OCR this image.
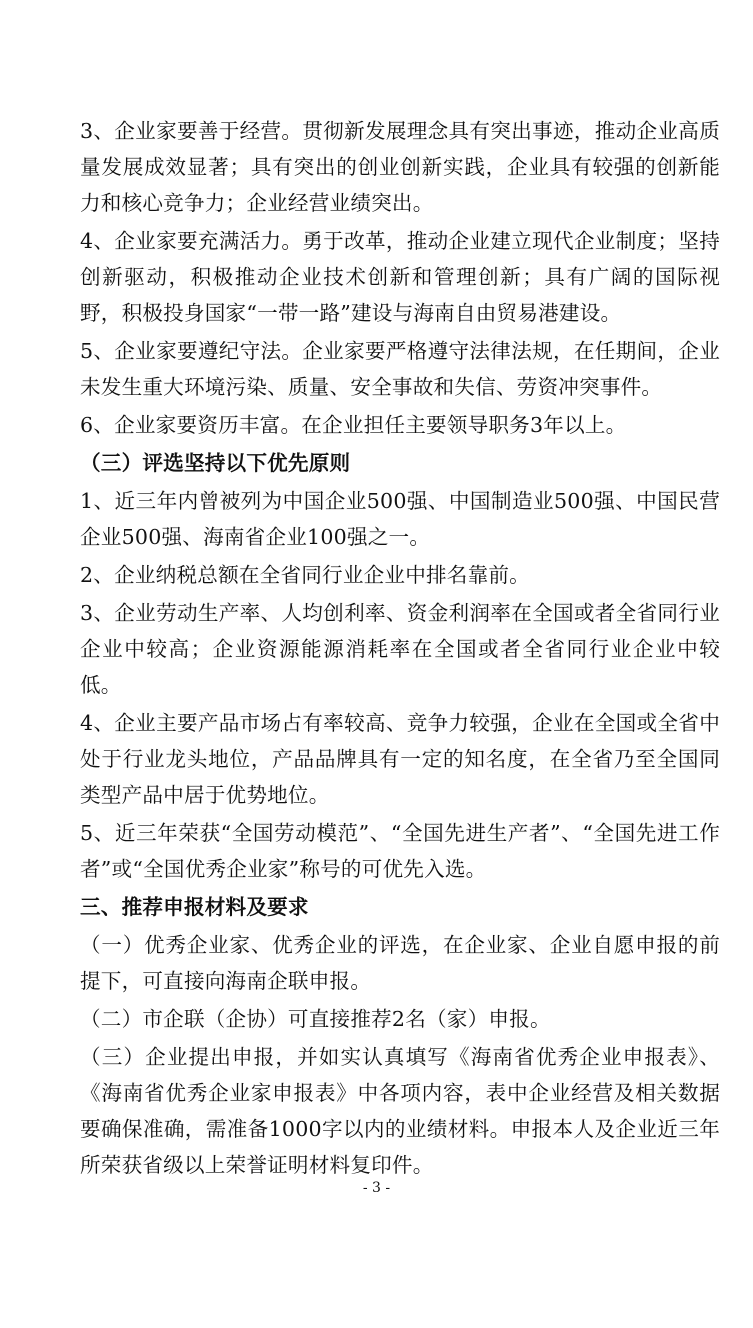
3、企业家要善于经营。贯彻新发展理念具有突出事迹，推动企业高质量发展成效显著；具有突出的创业创新实践，企业具有较强的创新能力和核心竞争力；企业经营业绩突出。

4、企业家要充满活力。勇于改革，推动企业建立现代企业制度；坚持创新驱动，积极推动企业技术创新和管理创新；具有广阔的国际视野，积极投身国家“一带一路”建设与海南自由贸易港建设。

5、企业家要遵纪守法。企业家要严格遵守法律法规，在任期间，企业未发生重大环境污染、质量、安全事故和失信、劳资冲突事件。

6、企业家要资历丰富。在企业担任主要领导职务3年以上。

（三）评选坚持以下优先原则

1、近三年内曾被列为中国企业500强、中国制造业500强、中国民营企业500强、海南省企业100强之一。

2、企业纳税总额在全省同行业企业中排名靠前。

3、企业劳动生产率、人均创利率、资金利润率在全国或者全省同行业企业中较高；企业资源能源消耗率在全国或者全省同行业企业中较低。

4、企业主要产品市场占有率较高、竞争力较强，企业在全国或全省中处于行业龙头地位，产品品牌具有一定的知名度，在全省乃至全国同类型产品中居于优势地位。

5、近三年荣获“全国劳动模范”、“全国先进生产者”、“全国先进工作者”或“全国优秀企业家”称号的可优先入选。

三、推荐申报材料及要求

（一）优秀企业家、优秀企业的评选，在企业家、企业自愿申报的前提下，可直接向海南企联申报。

（二）市企联（企协）可直接推荐2名（家）申报。

（三）企业提出申报，并如实认真填写《海南省优秀企业申报表》、《海南省优秀企业家申报表》中各项内容，表中企业经营及相关数据要确保准确，需准备1000字以内的业绩材料。申报本人及企业近三年所荣获省级以上荣誉证明材料复印件。

- 3 -
